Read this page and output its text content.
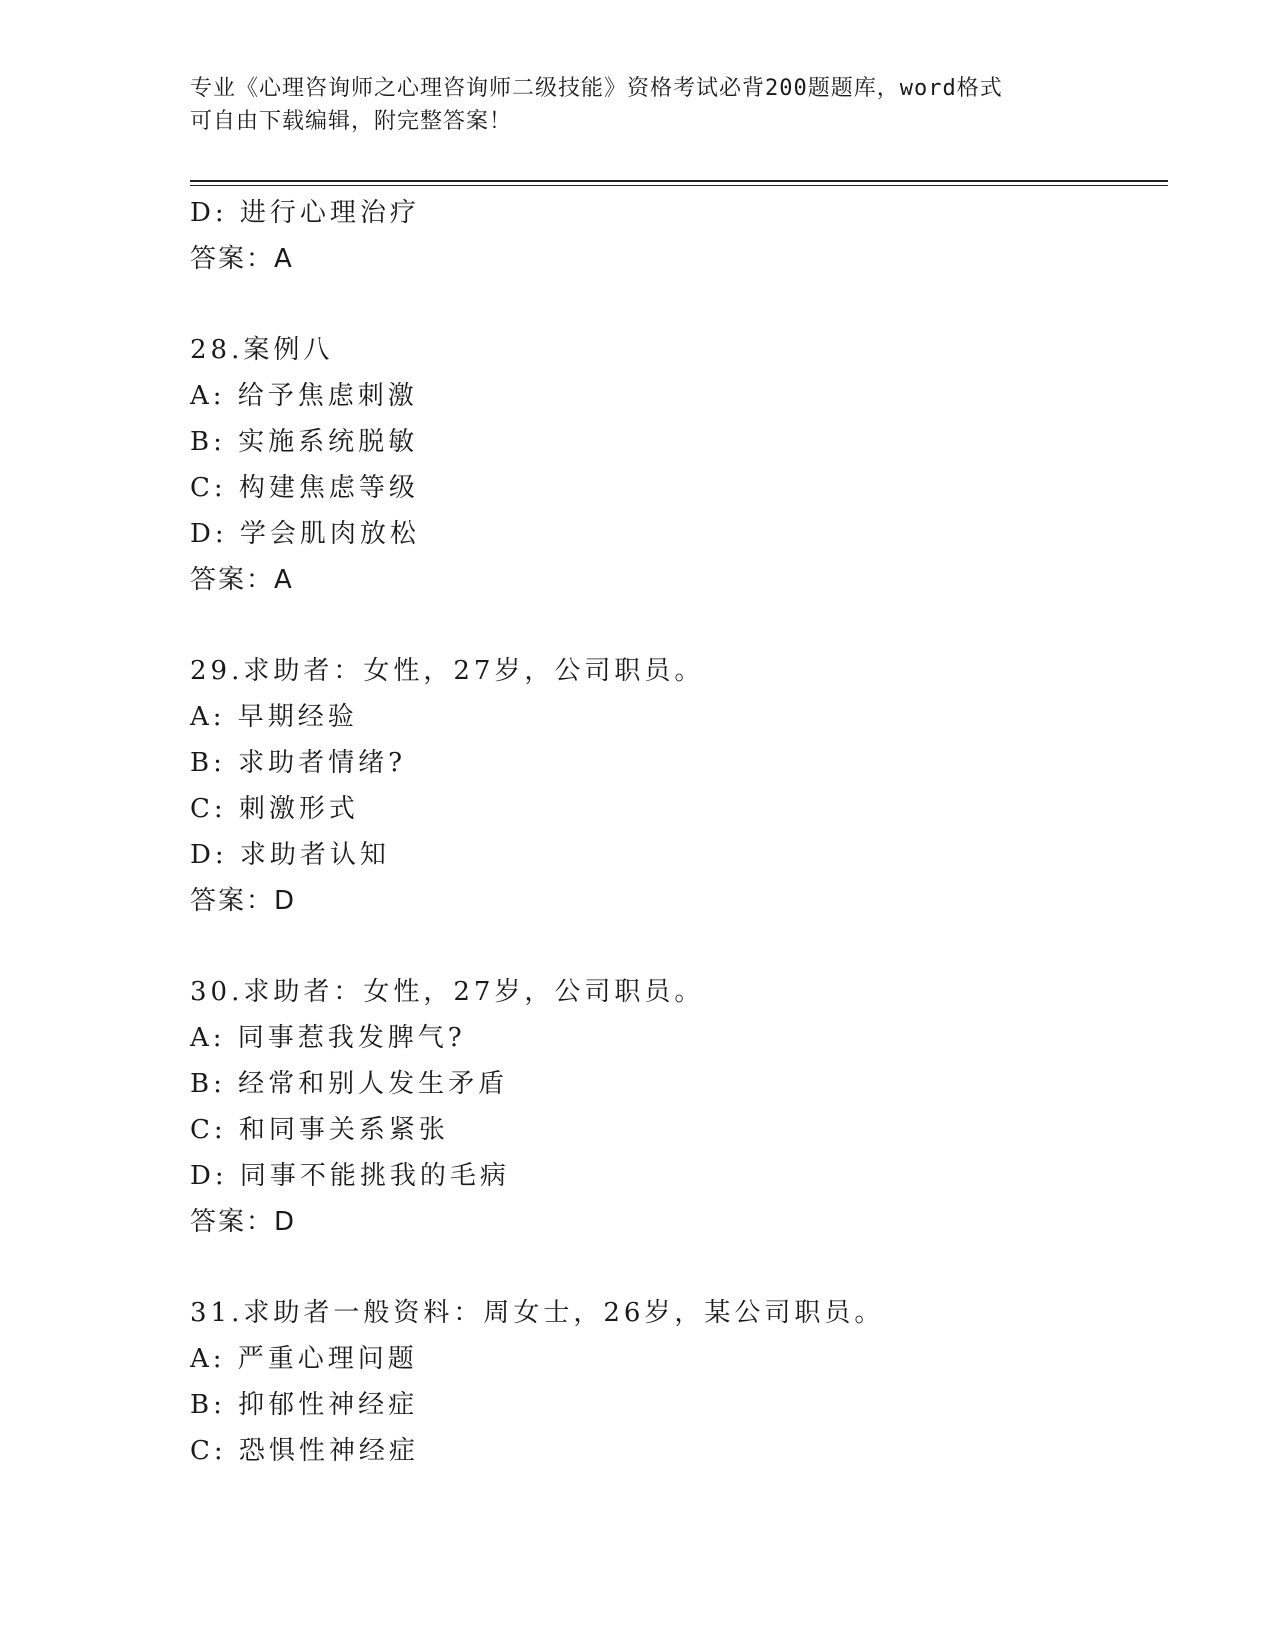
专业《心理咨询师之心理咨询师二级技能》资格考试必背200题题库，word格式
可自由下载编辑，附完整答案！
D: 进行心理治疗
答案：A
28.案例八
A: 给予焦虑刺激
B: 实施系统脱敏
C: 构建焦虑等级
D: 学会肌肉放松
答案：A
29.求助者：女性，27岁，公司职员。
A: 早期经验
B: 求助者情绪?
C: 刺激形式
D: 求助者认知
答案：D
30.求助者：女性，27岁，公司职员。
A: 同事惹我发脾气?
B: 经常和别人发生矛盾
C: 和同事关系紧张
D: 同事不能挑我的毛病
答案：D
31.求助者一般资料：周女士，26岁，某公司职员。
A: 严重心理问题
B: 抑郁性神经症
C: 恐惧性神经症
